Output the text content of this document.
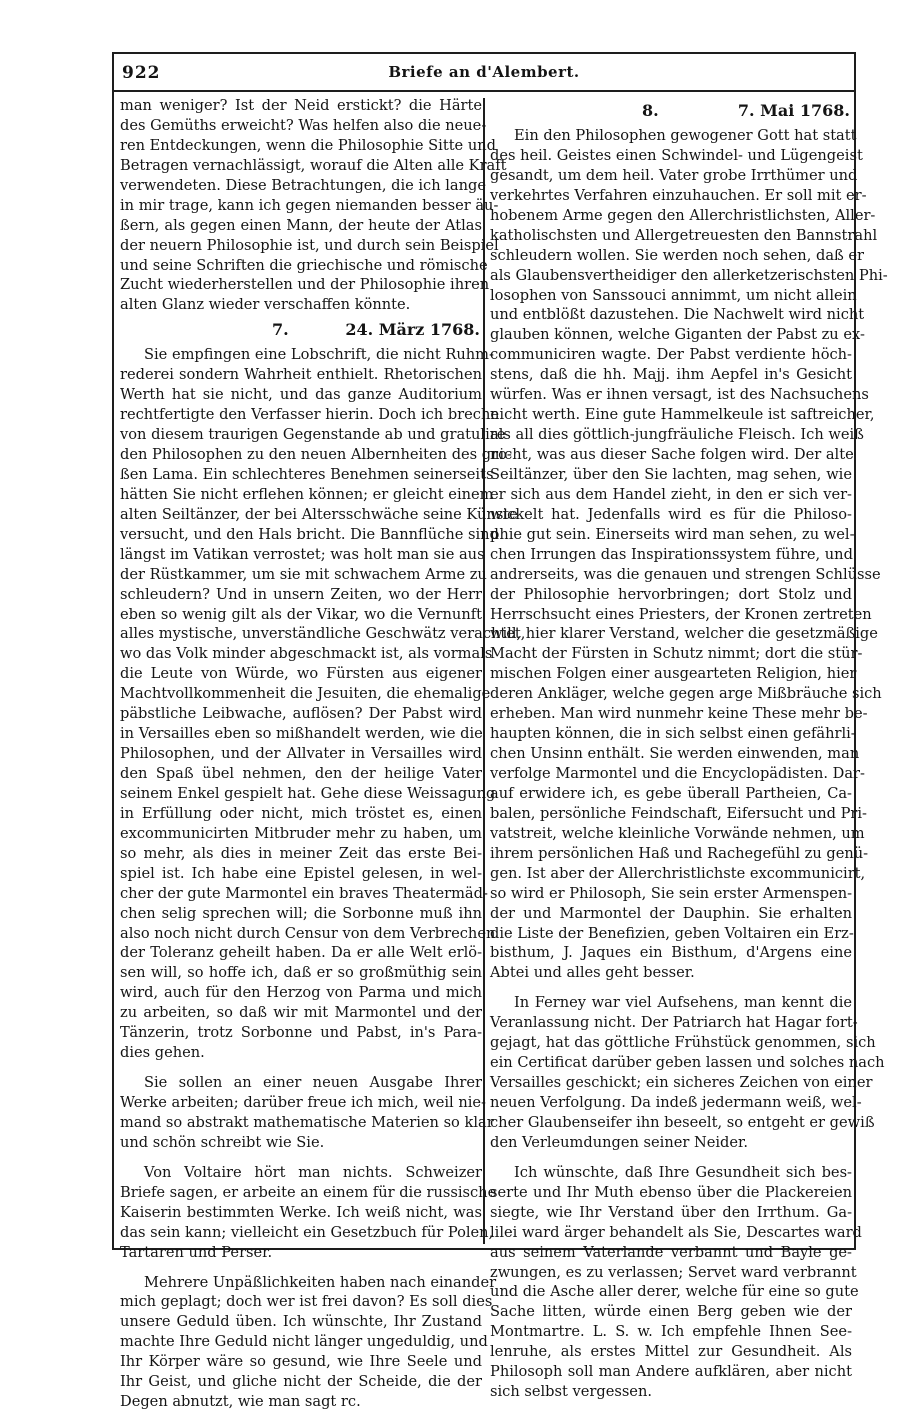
922	Briefe an d'Alembert.
man weniger? Ist der Neid erstickt? die Härte
des Gemüths erweicht? Was helfen also die neue-
ren Entdeckungen, wenn die Philosophie Sitte und
Betragen vernachlässigt, worauf die Alten alle Kraft
verwendeten. Diese Betrachtungen, die ich lange
in mir trage, kann ich gegen niemanden besser äu-
ßern, als gegen einen Mann, der heute der Atlas
der neuern Philosophie ist, und durch sein Beispiel
und seine Schriften die griechische und römische
Zucht wiederherstellen und der Philosophie ihren
alten Glanz wieder verschaffen könnte.
7.	24. März 1768.
Sie empfingen eine Lobschrift, die nicht Ruhm-
rederei sondern Wahrheit enthielt. Rhetorischen
Werth hat sie nicht, und das ganze Auditorium
rechtfertigte den Verfasser hierin. Doch ich breche
von diesem traurigen Gegenstande ab und gratulire
den Philosophen zu den neuen Albernheiten des gro-
ßen Lama. Ein schlechteres Benehmen seinerseits
hätten Sie nicht erflehen können; er gleicht einem
alten Seiltänzer, der bei Altersschwäche seine Künste
versucht, und den Hals bricht. Die Bannflüche sind
längst im Vatikan verrostet; was holt man sie aus
der Rüstkammer, um sie mit schwachem Arme zu
schleudern? Und in unsern Zeiten, wo der Herr
eben so wenig gilt als der Vikar, wo die Vernunft
alles mystische, unverständliche Geschwätz verachtet,
wo das Volk minder abgeschmackt ist, als vormals
die Leute von Würde, wo Fürsten aus eigener
Machtvollkommenheit die Jesuiten, die ehemalige
päbstliche Leibwache, auflösen? Der Pabst wird
in Versailles eben so mißhandelt werden, wie die
Philosophen, und der Allvater in Versailles wird
den Spaß übel nehmen, den der heilige Vater
seinem Enkel gespielt hat. Gehe diese Weissagung
in Erfüllung oder nicht, mich tröstet es, einen
excommunicirten Mitbruder mehr zu haben, um
so mehr, als dies in meiner Zeit das erste Bei-
spiel ist. Ich habe eine Epistel gelesen, in wel-
cher der gute Marmontel ein braves Theatermäd-
chen selig sprechen will; die Sorbonne muß ihn
also noch nicht durch Censur von dem Verbrechen
der Toleranz geheilt haben. Da er alle Welt erlö-
sen will, so hoffe ich, daß er so großmüthig sein
wird, auch für den Herzog von Parma und mich
zu arbeiten, so daß wir mit Marmontel und der
Tänzerin, trotz Sorbonne und Pabst, in's Para-
dies gehen.
Sie sollen an einer neuen Ausgabe Ihrer
Werke arbeiten; darüber freue ich mich, weil nie-
mand so abstrakt mathematische Materien so klar
und schön schreibt wie Sie.
Von Voltaire hört man nichts. Schweizer
Briefe sagen, er arbeite an einem für die russische
Kaiserin bestimmten Werke. Ich weiß nicht, was
das sein kann; vielleicht ein Gesetzbuch für Polen,
Tartaren und Perser.
Mehrere Unpäßlichkeiten haben nach einander
mich geplagt; doch wer ist frei davon? Es soll dies
unsere Geduld üben. Ich wünschte, Ihr Zustand
machte Ihre Geduld nicht länger ungeduldig, und
Ihr Körper wäre so gesund, wie Ihre Seele und
Ihr Geist, und gliche nicht der Scheide, die der
Degen abnutzt, wie man sagt rc.
8.	7. Mai 1768.
Ein den Philosophen gewogener Gott hat statt
des heil. Geistes einen Schwindel- und Lügengeist
gesandt, um dem heil. Vater grobe Irrthümer und
verkehrtes Verfahren einzuhauchen. Er soll mit er-
hobenem Arme gegen den Allerchristlichsten, Aller-
katholischsten und Allergetreuesten den Bannstrahl
schleudern wollen. Sie werden noch sehen, daß er
als Glaubensvertheidiger den allerketzerischsten Phi-
losophen von Sanssouci annimmt, um nicht allein
und entblößt dazustehen. Die Nachwelt wird nicht
glauben können, welche Giganten der Pabst zu ex-
communiciren wagte. Der Pabst verdiente höch-
stens, daß die hh. Majj. ihm Aepfel in's Gesicht
würfen. Was er ihnen versagt, ist des Nachsuchens
nicht werth. Eine gute Hammelkeule ist saftreicher,
als all dies göttlich-jungfräuliche Fleisch. Ich weiß
nicht, was aus dieser Sache folgen wird. Der alte
Seiltänzer, über den Sie lachten, mag sehen, wie
er sich aus dem Handel zieht, in den er sich ver-
wickelt hat. Jedenfalls wird es für die Philoso-
phie gut sein. Einerseits wird man sehen, zu wel-
chen Irrungen das Inspirationssystem führe, und
andrerseits, was die genauen und strengen Schlüsse
der Philosophie hervorbringen; dort Stolz und
Herrschsucht eines Priesters, der Kronen zertreten
will, hier klarer Verstand, welcher die gesetzmäßige
Macht der Fürsten in Schutz nimmt; dort die stür-
mischen Folgen einer ausgearteten Religion, hier
deren Ankläger, welche gegen arge Mißbräuche sich
erheben. Man wird nunmehr keine These mehr be-
haupten können, die in sich selbst einen gefährli-
chen Unsinn enthält. Sie werden einwenden, man
verfolge Marmontel und die Encyclopädisten. Dar-
auf erwidere ich, es gebe überall Partheien, Ca-
balen, persönliche Feindschaft, Eifersucht und Pri-
vatstreit, welche kleinliche Vorwände nehmen, um
ihrem persönlichen Haß und Rachegefühl zu genü-
gen. Ist aber der Allerchristlichste excommunicirt,
so wird er Philosoph, Sie sein erster Armenspen-
der und Marmontel der Dauphin. Sie erhalten
die Liste der Benefizien, geben Voltairen ein Erz-
bisthum, J. Jaques ein Bisthum, d'Argens eine
Abtei und alles geht besser.
In Ferney war viel Aufsehens, man kennt die
Veranlassung nicht. Der Patriarch hat Hagar fort-
gejagt, hat das göttliche Frühstück genommen, sich
ein Certificat darüber geben lassen und solches nach
Versailles geschickt; ein sicheres Zeichen von einer
neuen Verfolgung. Da indeß jedermann weiß, wel-
cher Glaubenseifer ihn beseelt, so entgeht er gewiß
den Verleumdungen seiner Neider.
Ich wünschte, daß Ihre Gesundheit sich bes-
serte und Ihr Muth ebenso über die Plackereien
siegte, wie Ihr Verstand über den Irrthum. Ga-
lilei ward ärger behandelt als Sie, Descartes ward
aus seinem Vaterlande verbannt und Bayle ge-
zwungen, es zu verlassen; Servet ward verbrannt
und die Asche aller derer, welche für eine so gute
Sache litten, würde einen Berg geben wie der
Montmartre. L. S. w. Ich empfehle Ihnen See-
lenruhe, als erstes Mittel zur Gesundheit. Als
Philosoph soll man Andere aufklären, aber nicht
sich selbst vergessen.
